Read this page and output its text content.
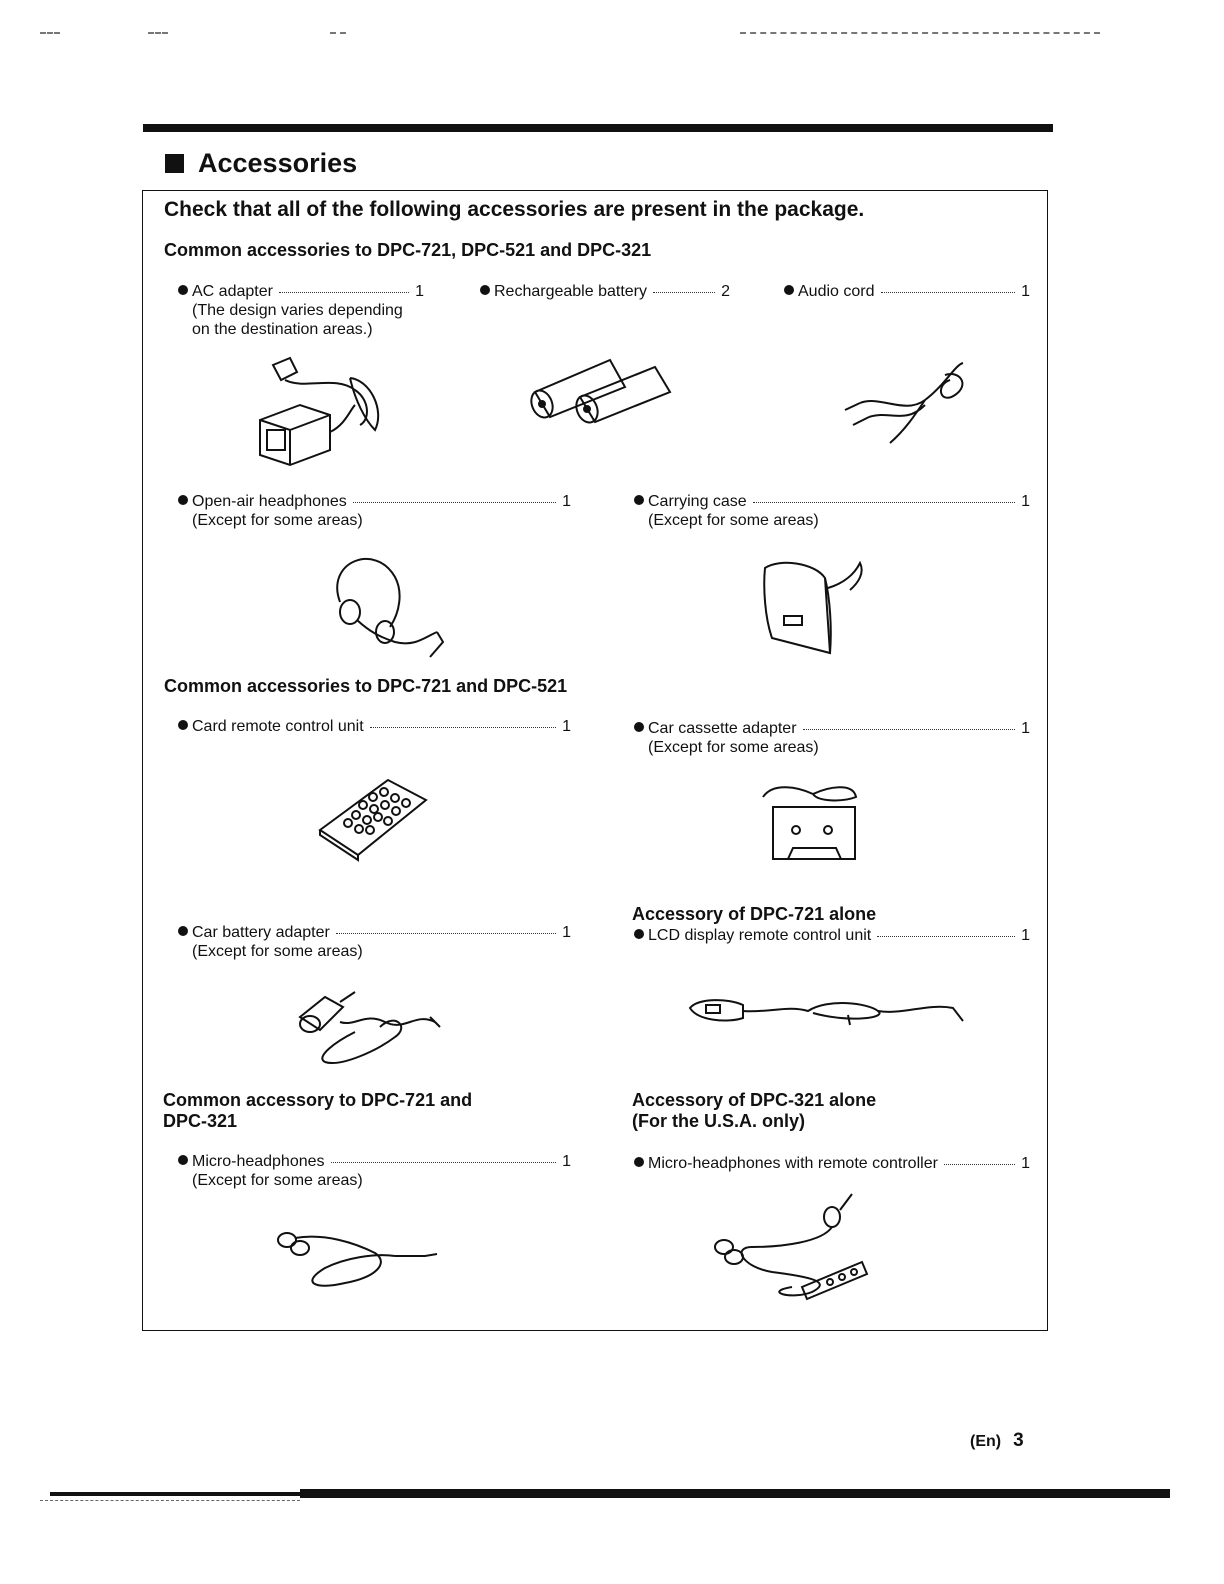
Accessories
Check that all of the following accessories are present in the package.
Common accessories to DPC-721, DPC-521 and DPC-321
AC adapter	1
(The design varies depending
on the destination areas.)
Rechargeable battery	2	Audio cord	1
Open-air headphones	1
(Except for some areas)
Carrying case	1
(Except for some areas)
Common accessories to DPC-721 and DPC-521
Card remote control unit	1	Car cassette adapter	1
(Except for some areas)
Accessory of DPC-721 alone
Car battery adapter	1
(Except for some areas)
LCD display remote control unit	1
Common accessory to DPC-721 and
DPC-321
Accessory of DPC-321 alone
(For the U.S.A. only)
Micro-headphones	1
(Except for some areas)
Micro-headphones with remote controller	1
(En) 3
